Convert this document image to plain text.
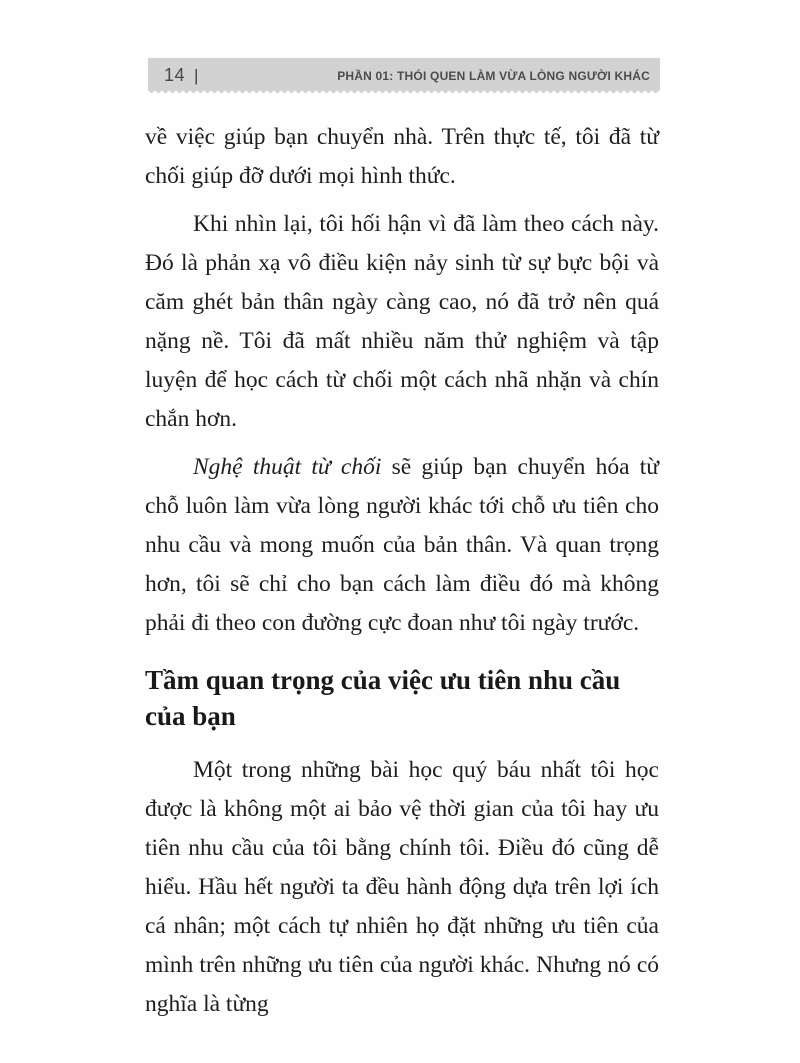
14 |	PHẦN 01: THÓI QUEN LÀM VỪA LÒNG NGƯỜI KHÁC

về việc giúp bạn chuyển nhà. Trên thực tế, tôi đã từ chối giúp đỡ dưới mọi hình thức.

Khi nhìn lại, tôi hối hận vì đã làm theo cách này. Đó là phản xạ vô điều kiện nảy sinh từ sự bực bội và căm ghét bản thân ngày càng cao, nó đã trở nên quá nặng nề. Tôi đã mất nhiều năm thử nghiệm và tập luyện để học cách từ chối một cách nhã nhặn và chín chắn hơn.

Nghệ thuật từ chối sẽ giúp bạn chuyển hóa từ chỗ luôn làm vừa lòng người khác tới chỗ ưu tiên cho nhu cầu và mong muốn của bản thân. Và quan trọng hơn, tôi sẽ chỉ cho bạn cách làm điều đó mà không phải đi theo con đường cực đoan như tôi ngày trước.

Tầm quan trọng của việc ưu tiên nhu cầu của bạn

Một trong những bài học quý báu nhất tôi học được là không một ai bảo vệ thời gian của tôi hay ưu tiên nhu cầu của tôi bằng chính tôi. Điều đó cũng dễ hiểu. Hầu hết người ta đều hành động dựa trên lợi ích cá nhân; một cách tự nhiên họ đặt những ưu tiên của mình trên những ưu tiên của người khác. Nhưng nó có nghĩa là từng
